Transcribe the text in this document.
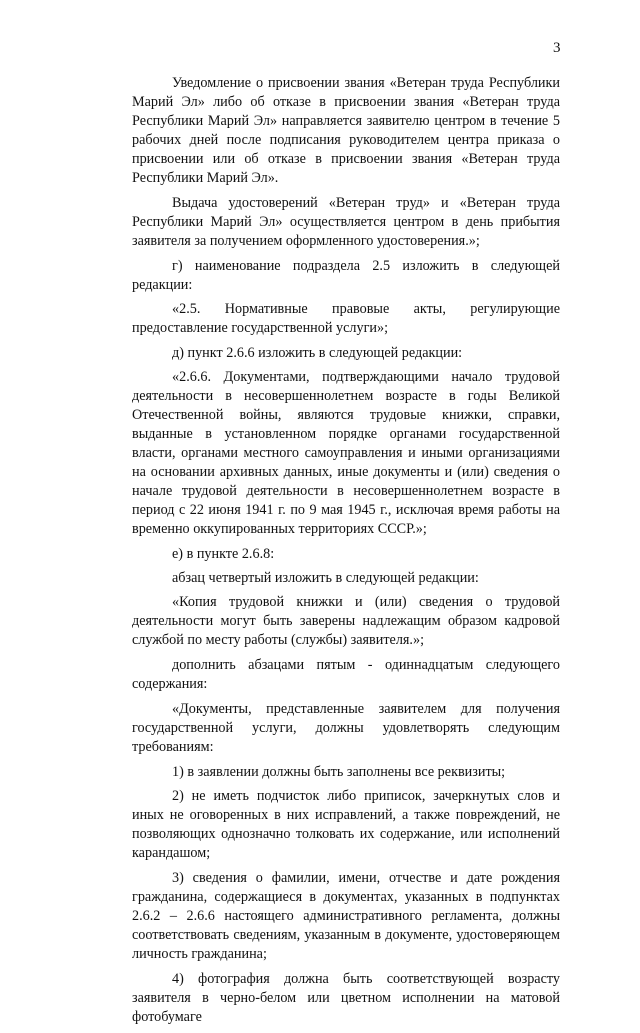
3

Уведомление о присвоении звания «Ветеран труда Республики Марий Эл» либо об отказе в присвоении звания «Ветеран труда Республики Марий Эл» направляется заявителю центром в течение 5 рабочих дней после подписания руководителем центра приказа о присвоении или об отказе в присвоении звания «Ветеран труда Республики Марий Эл».

Выдача удостоверений «Ветеран труд» и «Ветеран труда Республики Марий Эл» осуществляется центром в день прибытия заявителя за получением оформленного удостоверения.»;

г) наименование подраздела 2.5 изложить в следующей редакции:

«2.5. Нормативные правовые акты, регулирующие предоставление государственной услуги»;

д) пункт 2.6.6 изложить в следующей редакции:

«2.6.6. Документами, подтверждающими начало трудовой деятельности в несовершеннолетнем возрасте в годы Великой Отечественной войны, являются трудовые книжки, справки, выданные в установленном порядке органами государственной власти, органами местного самоуправления и иными организациями на основании архивных данных, иные документы и (или) сведения о начале трудовой деятельности в несовершеннолетнем возрасте в период с 22 июня 1941 г. по 9 мая 1945 г., исключая время работы на временно оккупированных территориях СССР.»;

е) в пункте 2.6.8:

абзац четвертый изложить в следующей редакции:

«Копия трудовой книжки и (или) сведения о трудовой деятельности могут быть заверены надлежащим образом кадровой службой по месту работы (службы) заявителя.»;

дополнить абзацами пятым - одиннадцатым следующего содержания:

«Документы, представленные заявителем для получения государственной услуги, должны удовлетворять следующим требованиям:

1) в заявлении должны быть заполнены все реквизиты;

2) не иметь подчисток либо приписок, зачеркнутых слов и иных не оговоренных в них исправлений, а также повреждений, не позволяющих однозначно толковать их содержание, или исполнений карандашом;

3) сведения о фамилии, имени, отчестве и дате рождения гражданина, содержащиеся в документах, указанных в подпунктах 2.6.2 – 2.6.6 настоящего административного регламента, должны соответствовать сведениям, указанным в документе, удостоверяющем личность гражданина;

4) фотография должна быть соответствующей возрасту заявителя в черно-белом или цветном исполнении на матовой фотобумаге
